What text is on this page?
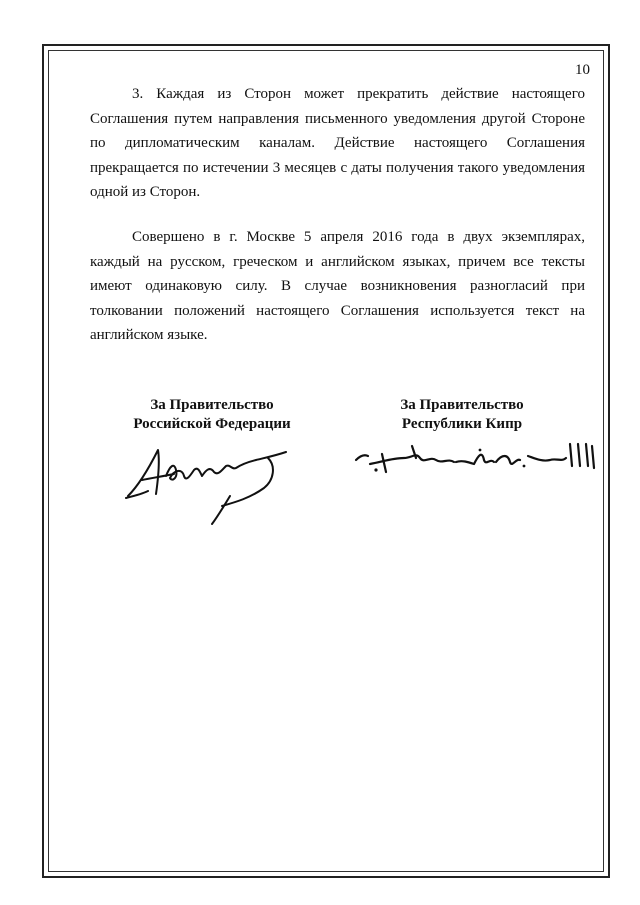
10

3. Каждая из Сторон может прекратить действие настоящего Соглашения путем направления письменного уведомления другой Стороне по дипломатическим каналам. Действие настоящего Соглашения прекращается по истечении 3 месяцев с даты получения такого уведомления одной из Сторон.

Совершено в г. Москве 5 апреля 2016 года в двух экземплярах, каждый на русском, греческом и английском языках, причем все тексты имеют одинаковую силу. В случае возникновения разногласий при толковании положений настоящего Соглашения используется текст на английском языке.

За Правительство
Российской Федерации
За Правительство
Республики Кипр
